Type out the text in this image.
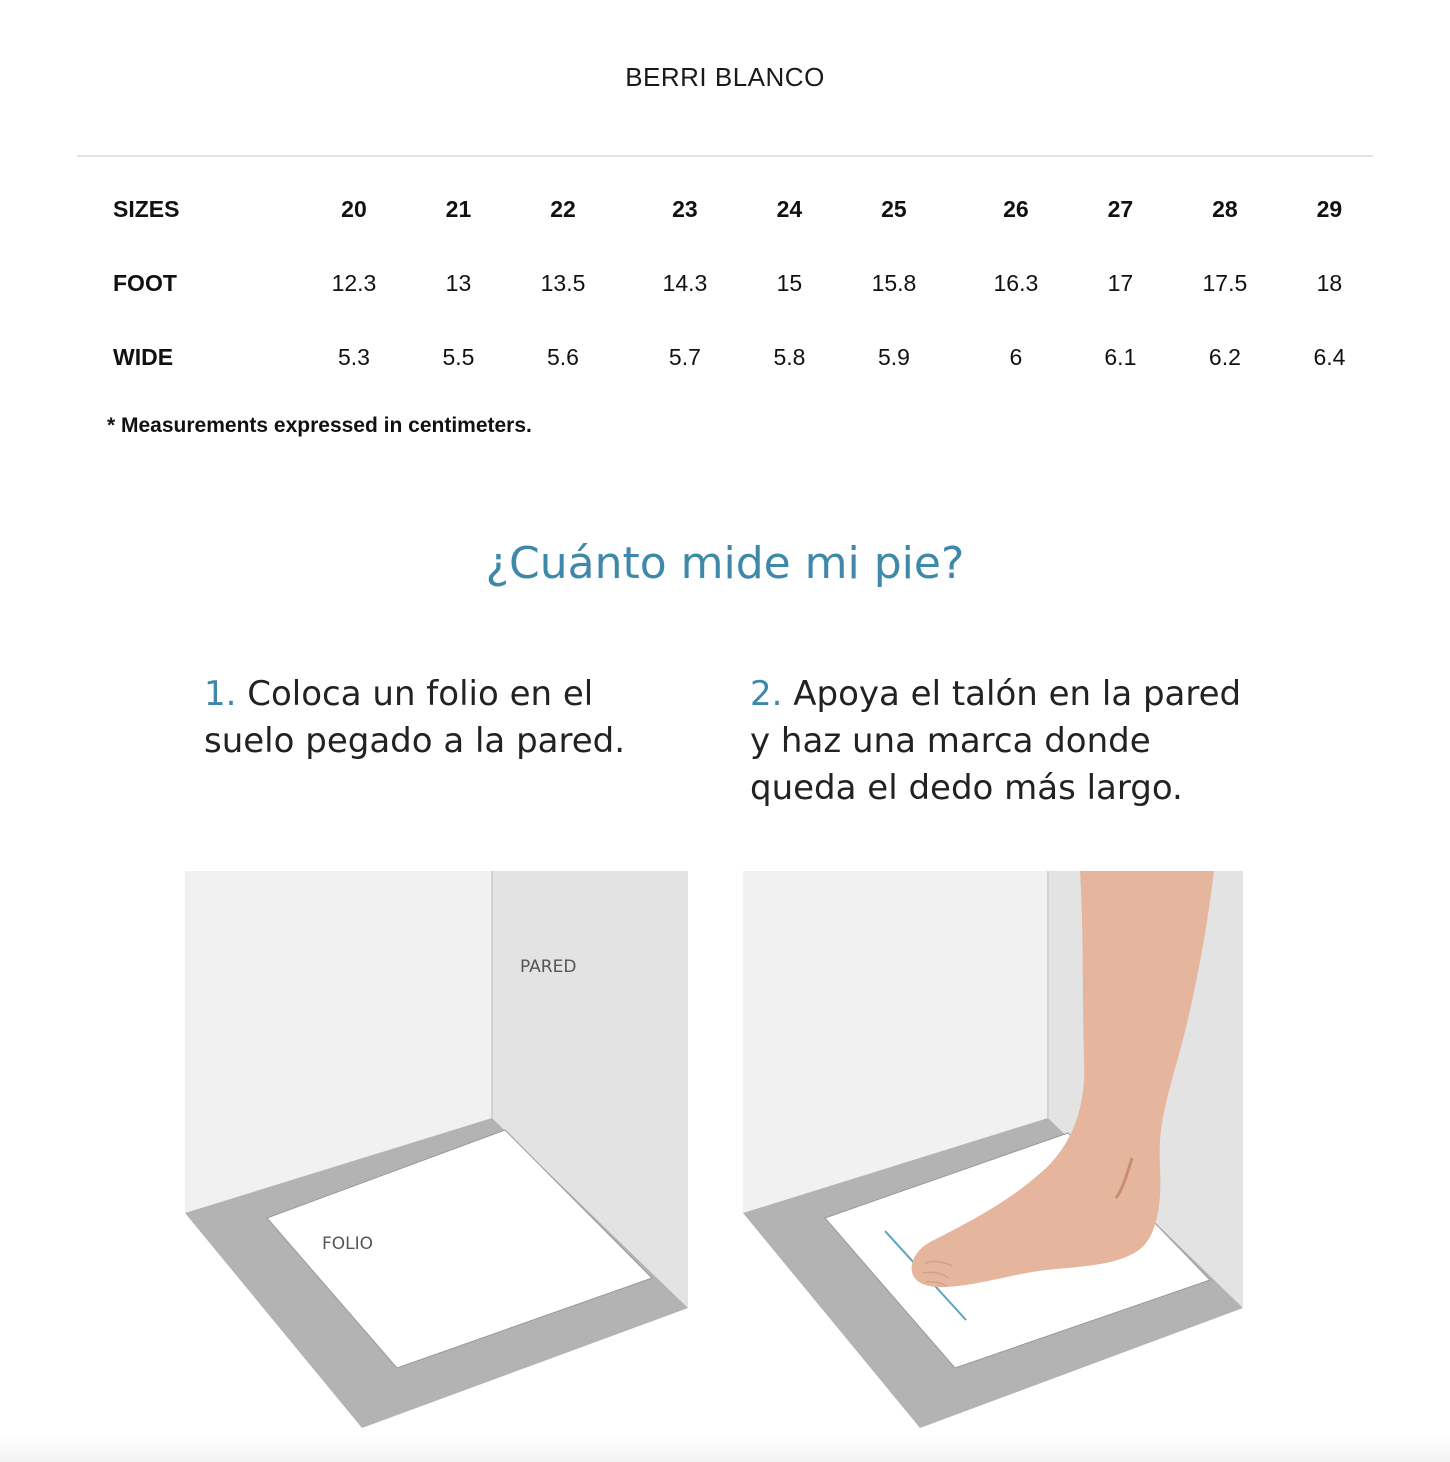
BERRI BLANCO
SIZES	20	21	22	23	24	25	26	27	28	29
FOOT	12.3	13	13.5	14.3	15	15.8	16.3	17	17.5	18
WIDE	5.3	5.5	5.6	5.7	5.8	5.9	6	6.1	6.2	6.4
* Measurements expressed in centimeters.
¿Cuánto mide mi pie?
1. Coloca un folio en el
suelo pegado a la pared.
2. Apoya el talón en la pared
y haz una marca donde
queda el dedo más largo.
PARED
FOLIO
